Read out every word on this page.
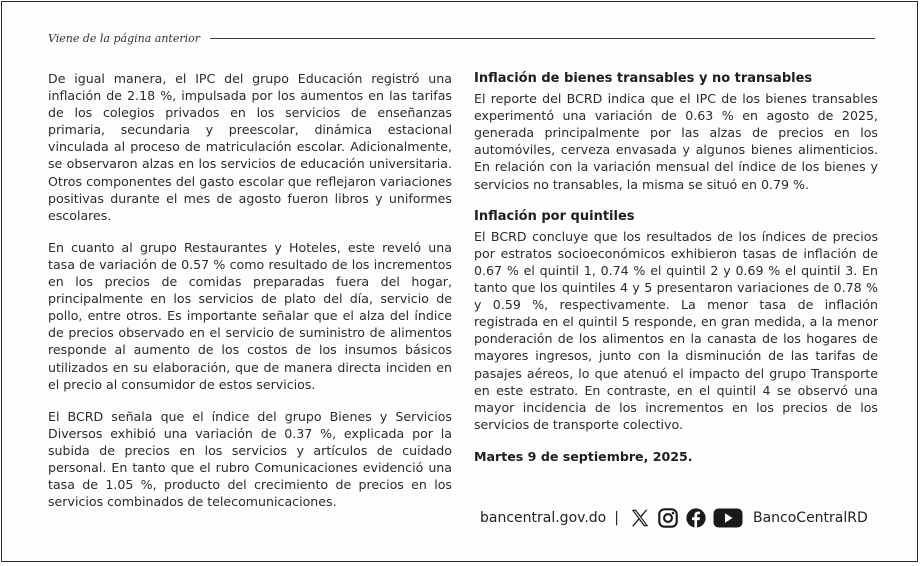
Viene de la página anterior

De igual manera, el IPC del grupo Educación registró una inflación de 2.18 %, impulsada por los aumentos en las tarifas de los colegios privados en los servicios de enseñanzas primaria, secundaria y preescolar, dinámica estacional vinculada al proceso de matriculación escolar. Adicionalmente, se observaron alzas en los servicios de educación universitaria. Otros componentes del gasto escolar que reflejaron variaciones positivas durante el mes de agosto fueron libros y uniformes escolares.

En cuanto al grupo Restaurantes y Hoteles, este reveló una tasa de variación de 0.57 % como resultado de los incrementos en los precios de comidas preparadas fuera del hogar, principalmente en los servicios de plato del día, servicio de pollo, entre otros. Es importante señalar que el alza del índice de precios observado en el servicio de suministro de alimentos responde al aumento de los costos de los insumos básicos utilizados en su elaboración, que de manera directa inciden en el precio al consumidor de estos servicios.

El BCRD señala que el índice del grupo Bienes y Servicios Diversos exhibió una variación de 0.37 %, explicada por la subida de precios en los servicios y artículos de cuidado personal. En tanto que el rubro Comunicaciones evidenció una tasa de 1.05 %, producto del crecimiento de precios en los servicios combinados de telecomunicaciones.

Inflación de bienes transables y no transables

El reporte del BCRD indica que el IPC de los bienes transables experimentó una variación de 0.63 % en agosto de 2025, generada principalmente por las alzas de precios en los automóviles, cerveza envasada y algunos bienes alimenticios. En relación con la variación mensual del índice de los bienes y servicios no transables, la misma se situó en 0.79 %.

Inflación por quintiles

El BCRD concluye que los resultados de los índices de precios por estratos socioeconómicos exhibieron tasas de inflación de 0.67 % el quintil 1, 0.74 % el quintil 2 y 0.69 % el quintil 3. En tanto que los quintiles 4 y 5 presentaron variaciones de 0.78 % y 0.59 %, respectivamente. La menor tasa de inflación registrada en el quintil 5 responde, en gran medida, a la menor ponderación de los alimentos en la canasta de los hogares de mayores ingresos, junto con la disminución de las tarifas de pasajes aéreos, lo que atenuó el impacto del grupo Transporte en este estrato. En contraste, en el quintil 4 se observó una mayor incidencia de los incrementos en los precios de los servicios de transporte colectivo.

Martes 9 de septiembre, 2025.
bancentral.gov.do |	BancoCentralRD
